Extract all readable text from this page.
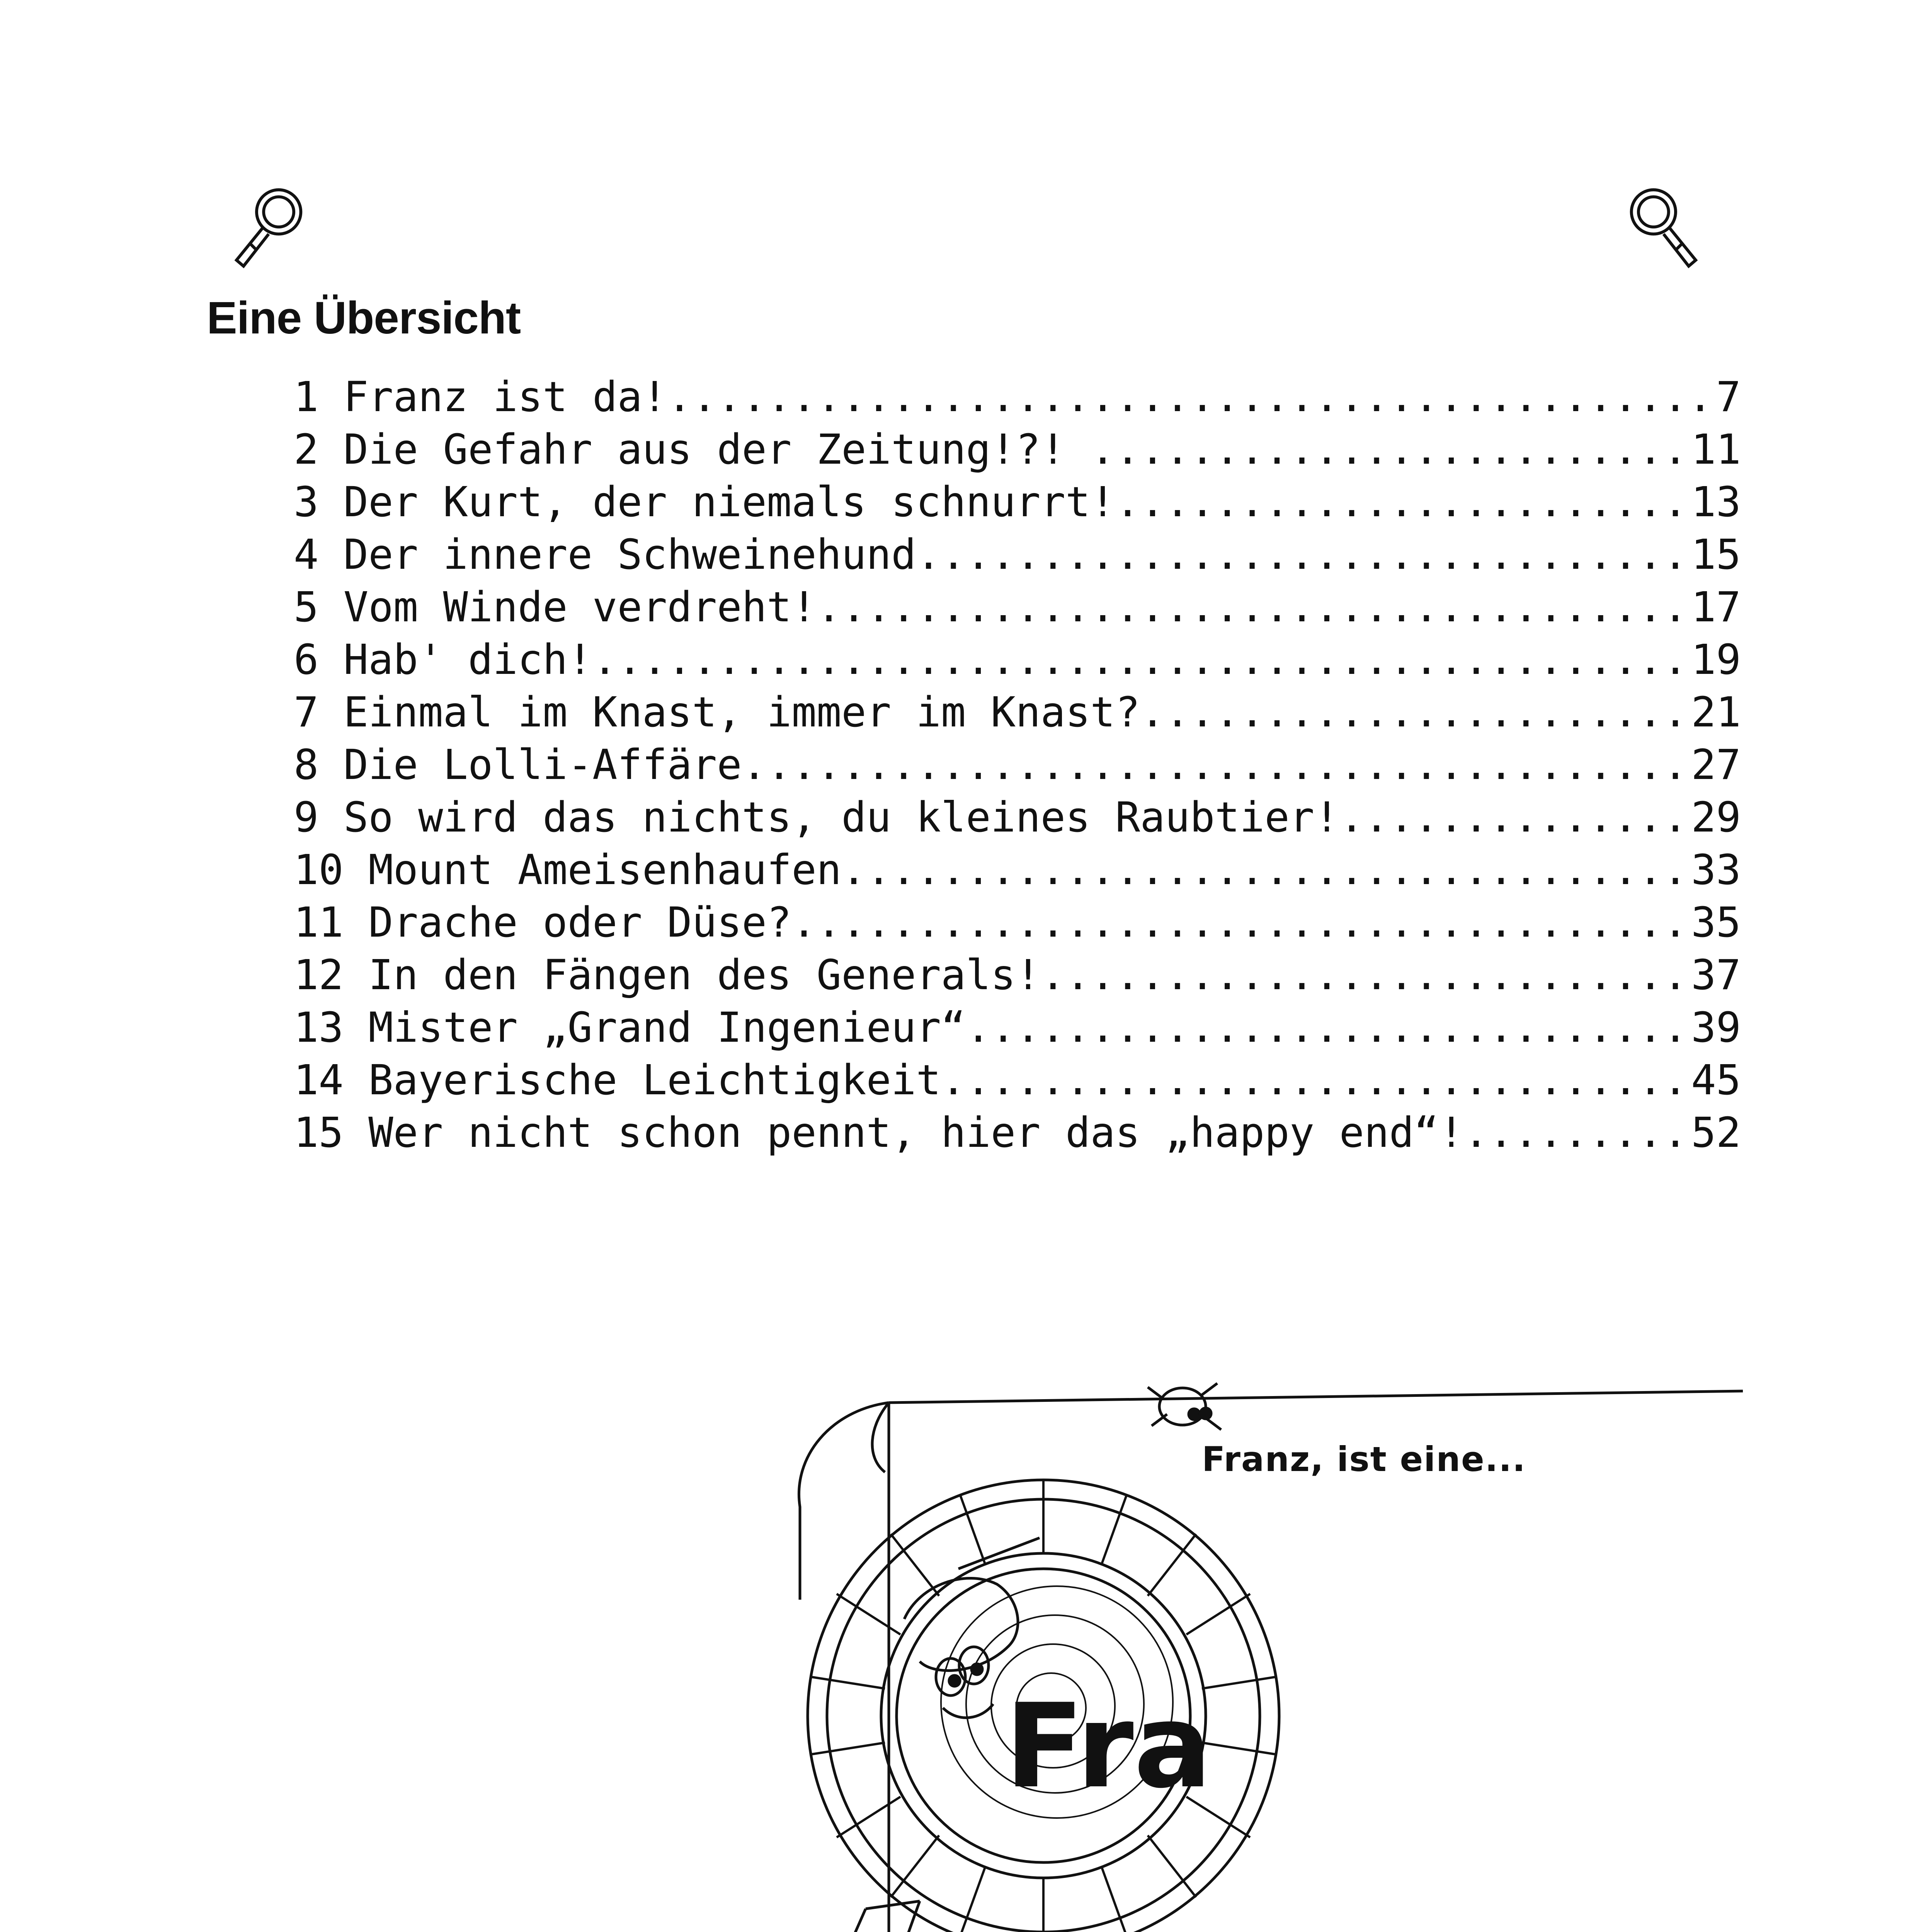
Eine Übersicht
1
Franz ist da! .....	7
2
Die Gefahr aus der Zeitung!?! .....	11
3
Der Kurt, der niemals schnurrt! .....	13
4
Der innere Schweinehund .....	15
5
Vom Winde verdreht! .....	17
6
Hab' dich! .....	19
7
Einmal im Knast, immer im Knast? .....	21
8
Die Lolli-Affäre .....	27
9
So wird das nichts, du kleines Raubtier! .....	29
10
Mount Ameisenhaufen .....	33
11
Drache oder Düse? .....	35
12
In den Fängen des Generals! .....	37
13
Mister „Grand Ingenieur“ .....	39
14
Bayerische Leichtigkeit .....	45
15
Wer nicht schon pennt, hier das „happy end“! .....	52
Franz, ist eine...
Fra
